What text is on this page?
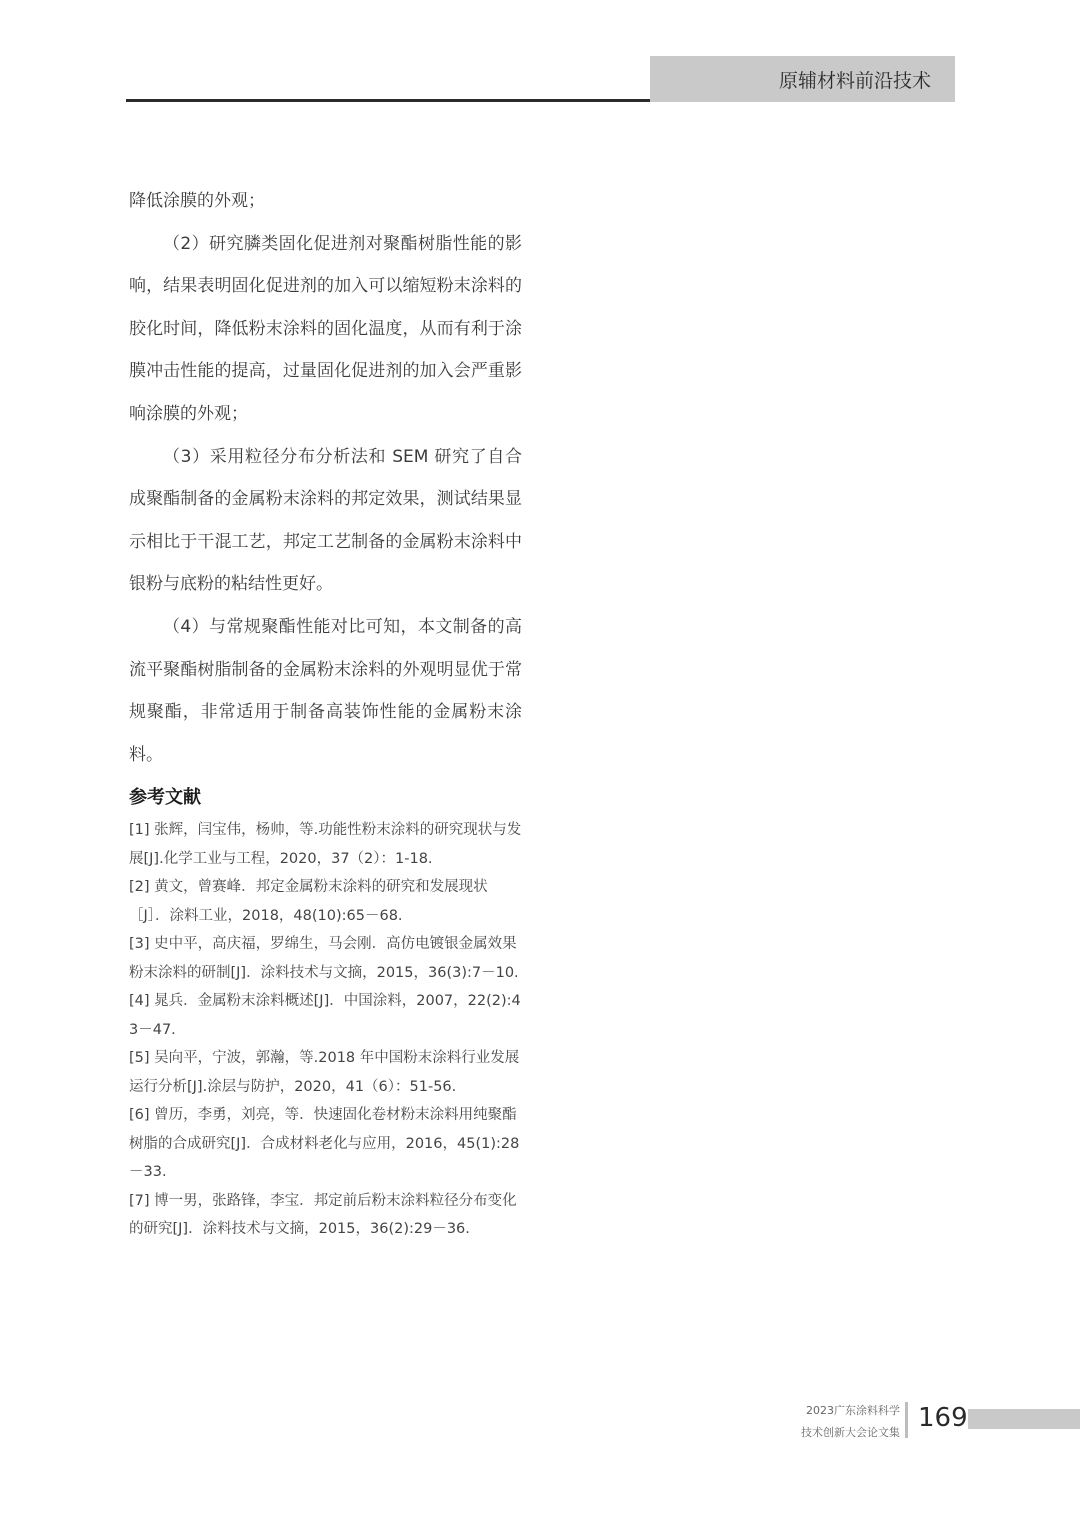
原辅材料前沿技术

降低涂膜的外观；

（2）研究膦类固化促进剂对聚酯树脂性能的影响，结果表明固化促进剂的加入可以缩短粉末涂料的胶化时间，降低粉末涂料的固化温度，从而有利于涂膜冲击性能的提高，过量固化促进剂的加入会严重影响涂膜的外观；

（3）采用粒径分布分析法和 SEM 研究了自合成聚酯制备的金属粉末涂料的邦定效果，测试结果显示相比于干混工艺，邦定工艺制备的金属粉末涂料中银粉与底粉的粘结性更好。

（4）与常规聚酯性能对比可知，本文制备的高流平聚酯树脂制备的金属粉末涂料的外观明显优于常规聚酯，非常适用于制备高装饰性能的金属粉末涂料。

参考文献

[1] 张辉，闫宝伟，杨帅，等.功能性粉末涂料的研究现状与发展[J].化学工业与工程，2020，37（2）：1-18.

[2] 黄文，曾赛峰．邦定金属粉末涂料的研究和发展现状［J］．涂料工业，2018，48(10):65－68.

[3] 史中平，高庆福，罗绵生，马会刚．高仿电镀银金属效果粉末涂料的研制[J]．涂料技术与文摘，2015，36(3):7－10.

[4] 晁兵．金属粉末涂料概述[J]．中国涂料，2007，22(2):43－47.

[5] 吴向平，宁波，郭瀚，等.2018 年中国粉末涂料行业发展运行分析[J].涂层与防护，2020，41（6）：51-56.

[6] 曾历，李勇，刘亮，等．快速固化卷材粉末涂料用纯聚酯树脂的合成研究[J]．合成材料老化与应用，2016，45(1):28－33.

[7] 博一男，张路锋，李宝．邦定前后粉末涂料粒径分布变化的研究[J]．涂料技术与文摘，2015，36(2):29－36.

2023广东涂料科学
技术创新大会论文集 169
